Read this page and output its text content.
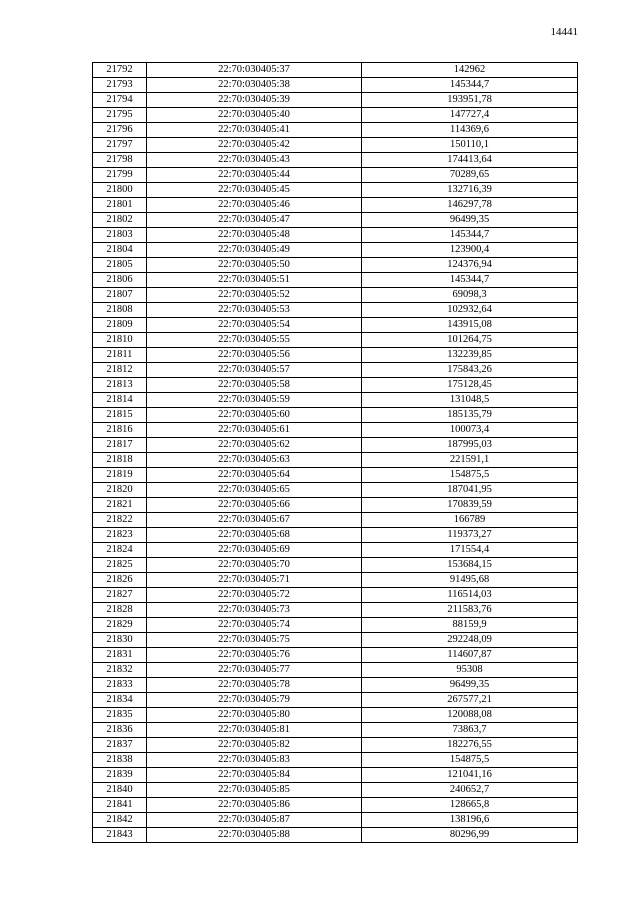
14441
21792	22:70:030405:37	142962
21793	22:70:030405:38	145344,7
21794	22:70:030405:39	193951,78
21795	22:70:030405:40	147727,4
21796	22:70:030405:41	114369,6
21797	22:70:030405:42	150110,1
21798	22:70:030405:43	174413,64
21799	22:70:030405:44	70289,65
21800	22:70:030405:45	132716,39
21801	22:70:030405:46	146297,78
21802	22:70:030405:47	96499,35
21803	22:70:030405:48	145344,7
21804	22:70:030405:49	123900,4
21805	22:70:030405:50	124376,94
21806	22:70:030405:51	145344,7
21807	22:70:030405:52	69098,3
21808	22:70:030405:53	102932,64
21809	22:70:030405:54	143915,08
21810	22:70:030405:55	101264,75
21811	22:70:030405:56	132239,85
21812	22:70:030405:57	175843,26
21813	22:70:030405:58	175128,45
21814	22:70:030405:59	131048,5
21815	22:70:030405:60	185135,79
21816	22:70:030405:61	100073,4
21817	22:70:030405:62	187995,03
21818	22:70:030405:63	221591,1
21819	22:70:030405:64	154875,5
21820	22:70:030405:65	187041,95
21821	22:70:030405:66	170839,59
21822	22:70:030405:67	166789
21823	22:70:030405:68	119373,27
21824	22:70:030405:69	171554,4
21825	22:70:030405:70	153684,15
21826	22:70:030405:71	91495,68
21827	22:70:030405:72	116514,03
21828	22:70:030405:73	211583,76
21829	22:70:030405:74	88159,9
21830	22:70:030405:75	292248,09
21831	22:70:030405:76	114607,87
21832	22:70:030405:77	95308
21833	22:70:030405:78	96499,35
21834	22:70:030405:79	267577,21
21835	22:70:030405:80	120088,08
21836	22:70:030405:81	73863,7
21837	22:70:030405:82	182276,55
21838	22:70:030405:83	154875,5
21839	22:70:030405:84	121041,16
21840	22:70:030405:85	240652,7
21841	22:70:030405:86	128665,8
21842	22:70:030405:87	138196,6
21843	22:70:030405:88	80296,99
